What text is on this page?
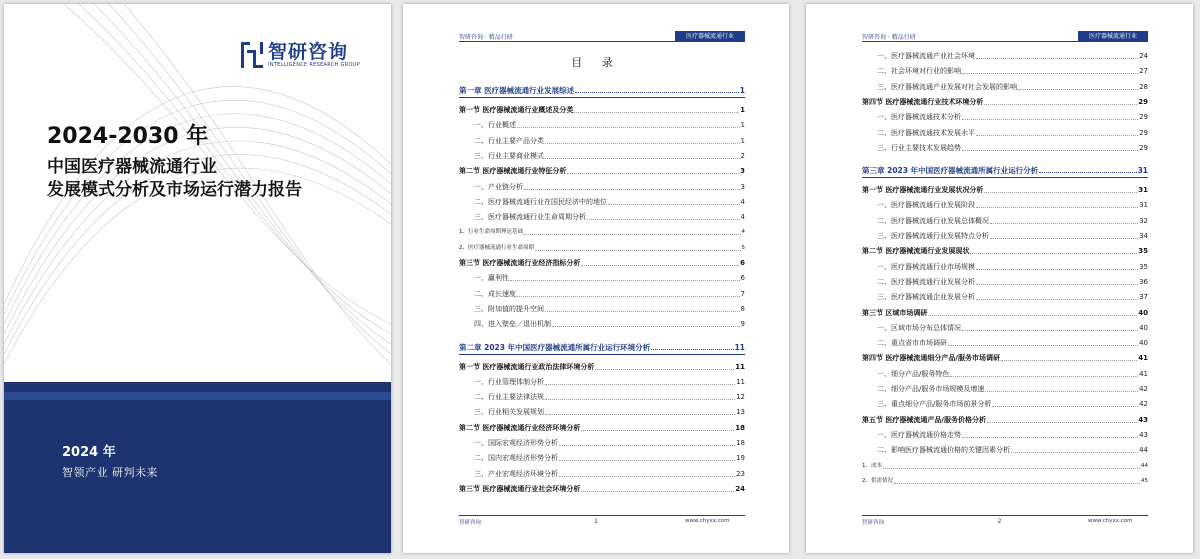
智研咨询
INTELLIGENCE RESEARCH GROUP
2024-2030 年
中国医疗器械流通行业
发展模式分析及市场运行潜力报告
2024 年
智领产业 研判未来
智研咨询 · 精品行研	医疗器械流通行业
目 录
第一章 医疗器械流通行业发展综述	1
第一节 医疗器械流通行业概述及分类	1
一、行业概述	1
二、行业主要产品分类	1
三、行业主要商业模式	2
第二节 医疗器械流通行业特征分析	3
一、产业链分析	3
二、医疗器械流通行业在国民经济中的地位	4
三、医疗器械流通行业生命周期分析	4
1、行业生命周期理论基础	4
2、医疗器械流通行业生命周期	5
第三节 医疗器械流通行业经济指标分析	6
一、赢利性	6
二、成长速度	7
三、附加值的提升空间	8
四、进入壁垒／退出机制	9
第二章 2023 年中国医疗器械流通所属行业运行环境分析	11
第一节 医疗器械流通行业政治法律环境分析	11
一、行业管理体制分析	11
二、行业主要法律法规	12
三、行业相关发展规划	13
第二节 医疗器械流通行业经济环境分析	18
一、国际宏观经济形势分析	18
二、国内宏观经济形势分析	19
三、产业宏观经济环境分析	23
第三节 医疗器械流通行业社会环境分析	24
智研咨询	1	www.chyxx.com
智研咨询 · 精品行研	医疗器械流通行业
一、医疗器械流通产业社会环境	24
二、社会环境对行业的影响	27
三、医疗器械流通产业发展对社会发展的影响	28
第四节 医疗器械流通行业技术环境分析	29
一、医疗器械流通技术分析	29
二、医疗器械流通技术发展水平	29
三、行业主要技术发展趋势	29
第三章 2023 年中国医疗器械流通所属行业运行分析	31
第一节 医疗器械流通行业发展状况分析	31
一、医疗器械流通行业发展阶段	31
二、医疗器械流通行业发展总体概况	32
三、医疗器械流通行业发展特点分析	34
第二节 医疗器械流通行业发展现状	35
一、医疗器械流通行业市场规模	35
二、医疗器械流通行业发展分析	36
三、医疗器械流通企业发展分析	37
第三节 区域市场调研	40
一、区域市场分布总体情况	40
二、重点省市市场调研	40
第四节 医疗器械流通细分产品/服务市场调研	41
一、细分产品/服务特色	41
二、细分产品/服务市场规模及增速	42
三、重点细分产品/服务市场前景分析	42
第五节 医疗器械流通产品/服务价格分析	43
一、医疗器械流通价格走势	43
二、影响医疗器械流通价格的关键因素分析	44
1、成本	44
2、供需情况	45
智研咨询	2	www.chyxx.com
